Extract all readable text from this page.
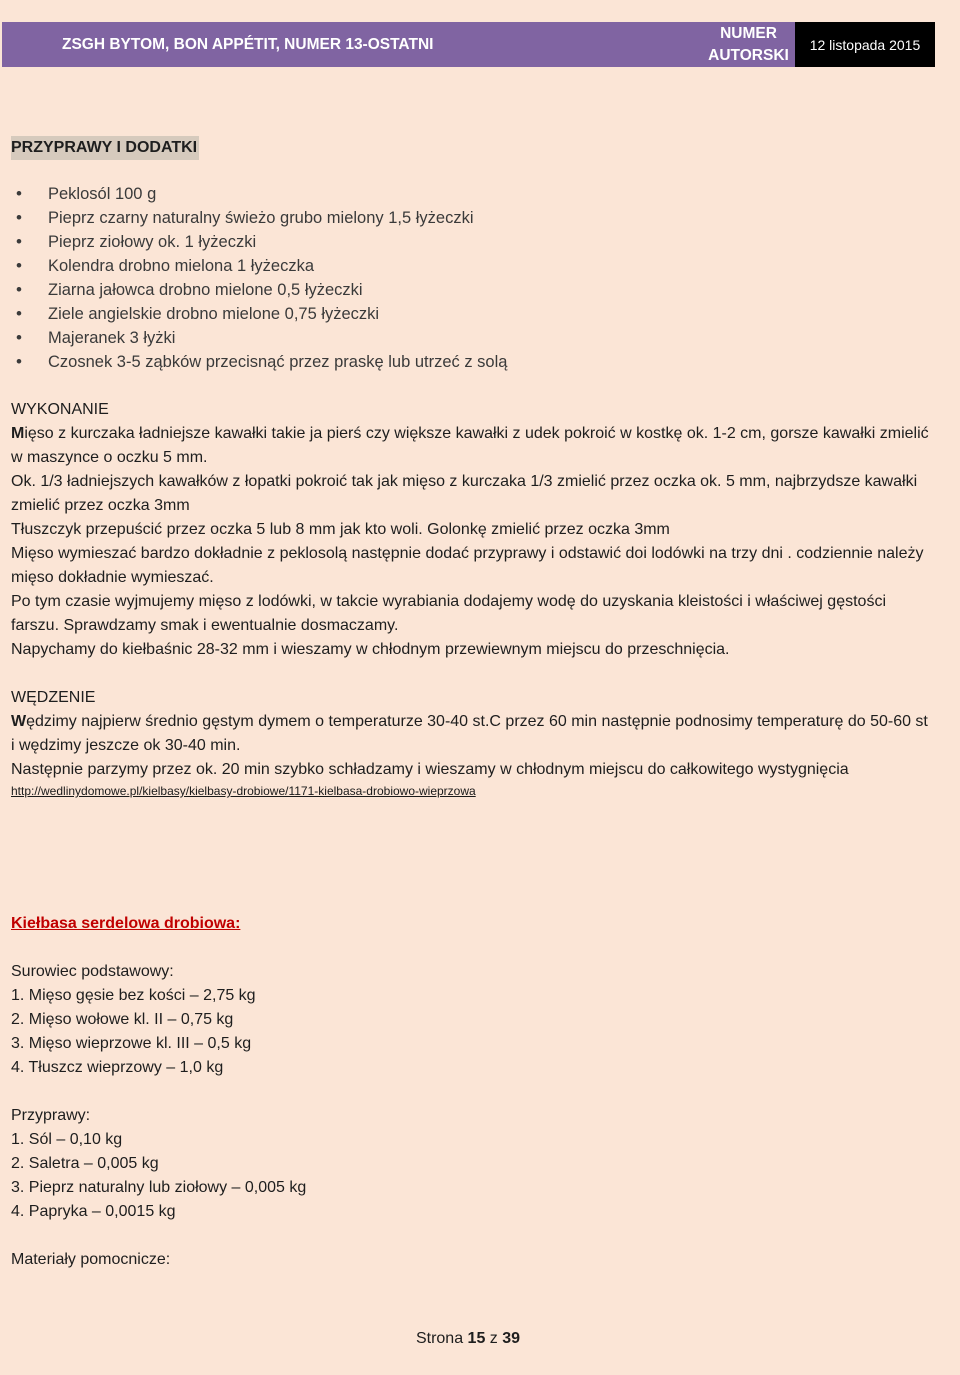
ZSGH BYTOM, BON APPÉTIT, NUMER 13-OSTATNI
NUMER
AUTORSKI
12 listopada 2015
PRZYPRAWY I DODATKI
• Peklosól 100 g
• Pieprz czarny naturalny świeżo grubo mielony 1,5 łyżeczki
• Pieprz ziołowy ok. 1 łyżeczki
• Kolendra drobno mielona 1 łyżeczka
• Ziarna jałowca drobno mielone 0,5 łyżeczki
• Ziele angielskie drobno mielone 0,75 łyżeczki
• Majeranek 3 łyżki
• Czosnek 3-5 ząbków przecisnąć przez praskę lub utrzeć z solą

WYKONANIE

Mięso z kurczaka ładniejsze kawałki takie ja pierś czy większe kawałki z udek pokroić w kostkę ok. 1-2 cm, gorsze kawałki zmielić w maszynce o oczku 5 mm.

Ok. 1/3 ładniejszych kawałków z łopatki pokroić tak jak mięso z kurczaka 1/3 zmielić przez oczka ok. 5 mm, najbrzydsze kawałki zmielić przez oczka 3mm

Tłuszczyk przepuścić przez oczka 5 lub 8 mm jak kto woli. Golonkę zmielić przez oczka 3mm

Mięso wymieszać bardzo dokładnie z peklosolą następnie dodać przyprawy i odstawić doi lodówki na trzy dni . codziennie należy mięso dokładnie wymieszać.

Po tym czasie wyjmujemy mięso z lodówki, w takcie wyrabiania dodajemy wodę do uzyskania kleistości i właściwej gęstości farszu. Sprawdzamy smak i ewentualnie dosmaczamy.

Napychamy do kiełbaśnic 28-32 mm i wieszamy w chłodnym przewiewnym miejscu do przeschnięcia.

WĘDZENIE

Wędzimy najpierw średnio gęstym dymem o temperaturze 30-40 st.C przez 60 min następnie podnosimy temperaturę do 50-60 st i wędzimy jeszcze ok 30-40 min.

Następnie parzymy przez ok. 20 min szybko schładzamy i wieszamy w chłodnym miejscu do całkowitego wystygnięcia

http://wedlinydomowe.pl/kielbasy/kielbasy-drobiowe/1171-kielbasa-drobiowo-wieprzowa

Kiełbasa serdelowa drobiowa:

Surowiec podstawowy:

1. Mięso gęsie bez kości – 2,75 kg

2. Mięso wołowe kl. II – 0,75 kg

3. Mięso wieprzowe kl. III – 0,5 kg

4. Tłuszcz wieprzowy – 1,0 kg

Przyprawy:

1. Sól – 0,10 kg

2. Saletra – 0,005 kg

3. Pieprz naturalny lub ziołowy – 0,005 kg

4. Papryka – 0,0015 kg

Materiały pomocnicze:

Strona 15 z 39
